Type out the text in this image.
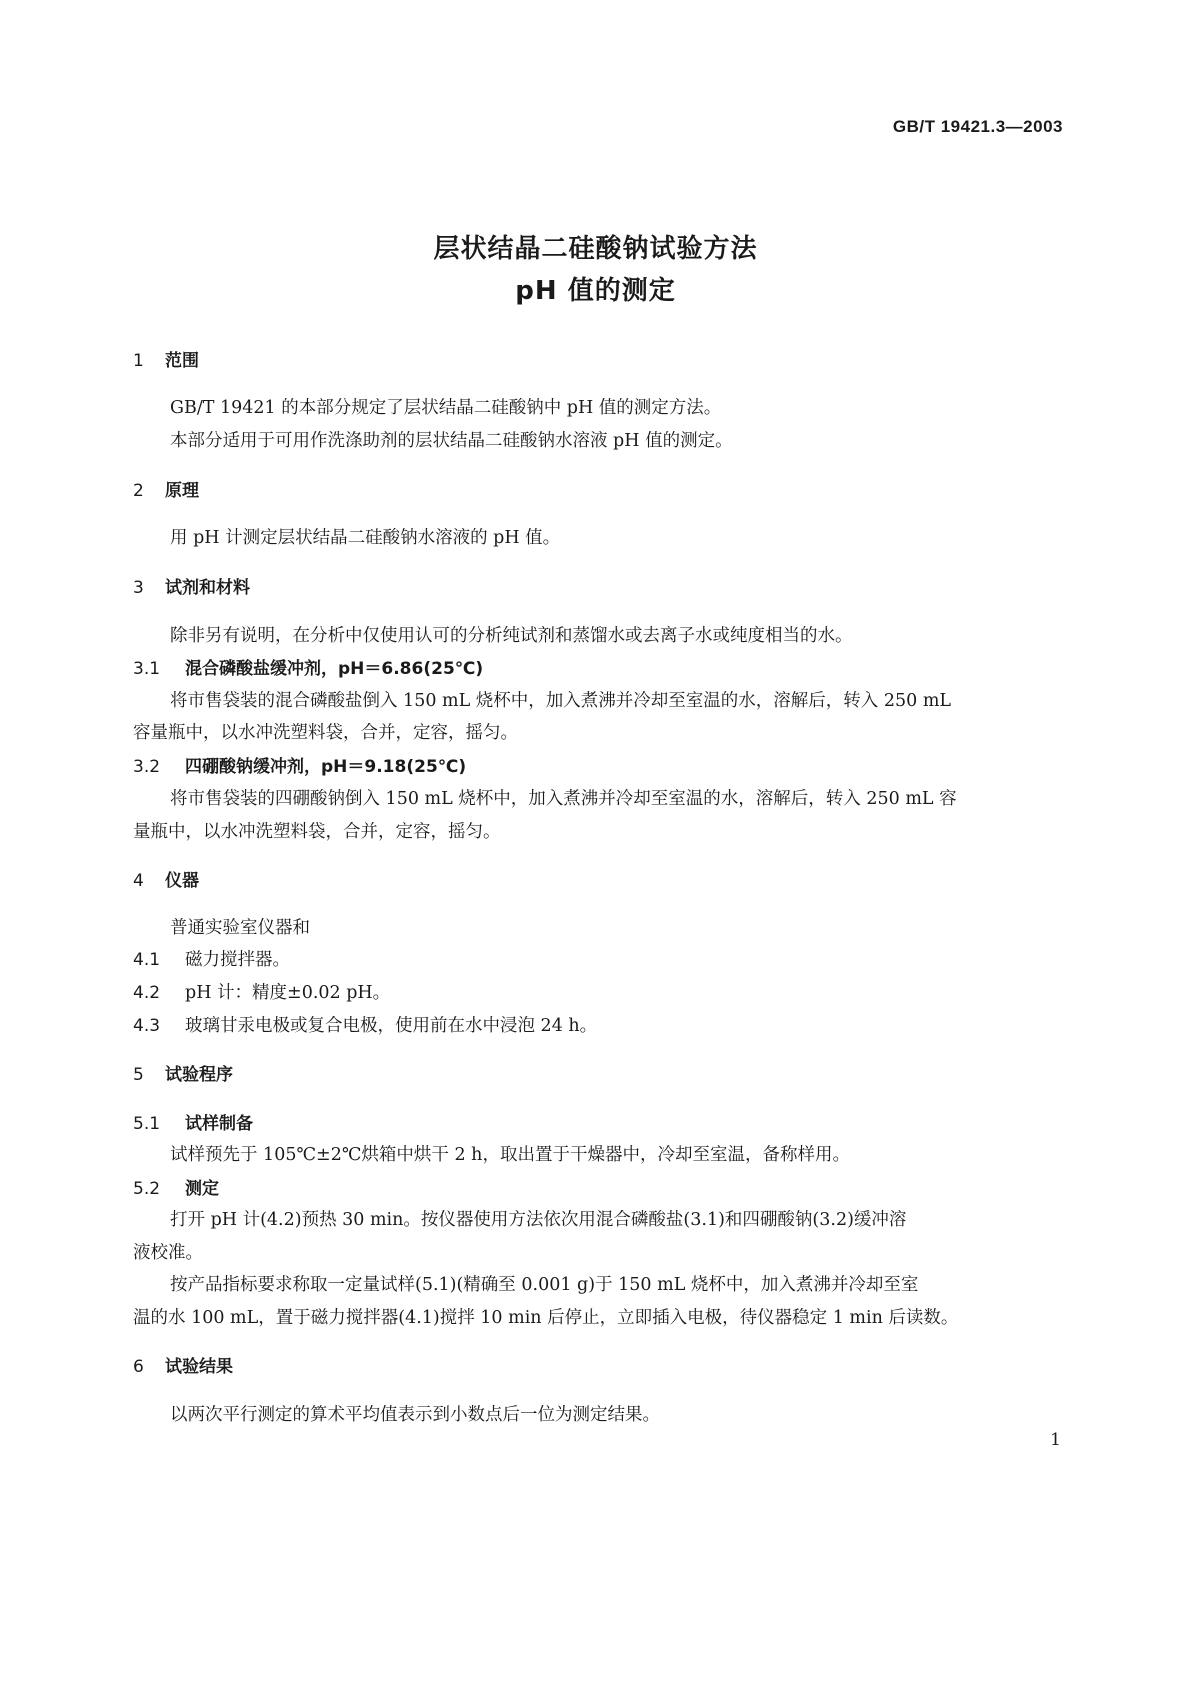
GB/T 19421.3—2003
层状结晶二硅酸钠试验方法
pH 值的测定
1 范围
GB/T 19421 的本部分规定了层状结晶二硅酸钠中 pH 值的测定方法。
本部分适用于可用作洗涤助剂的层状结晶二硅酸钠水溶液 pH 值的测定。
2 原理
用 pH 计测定层状结晶二硅酸钠水溶液的 pH 值。
3 试剂和材料
除非另有说明，在分析中仅使用认可的分析纯试剂和蒸馏水或去离子水或纯度相当的水。
3.1 混合磷酸盐缓冲剂，pH＝6.86(25℃)
将市售袋装的混合磷酸盐倒入 150 mL 烧杯中，加入煮沸并冷却至室温的水，溶解后，转入 250 mL
容量瓶中，以水冲洗塑料袋，合并，定容，摇匀。
3.2 四硼酸钠缓冲剂，pH＝9.18(25℃)
将市售袋装的四硼酸钠倒入 150 mL 烧杯中，加入煮沸并冷却至室温的水，溶解后，转入 250 mL 容
量瓶中，以水冲洗塑料袋，合并，定容，摇匀。
4 仪器
普通实验室仪器和
4.1 磁力搅拌器。
4.2 pH 计：精度±0.02 pH。
4.3 玻璃甘汞电极或复合电极，使用前在水中浸泡 24 h。
5 试验程序
5.1 试样制备
试样预先于 105℃±2℃烘箱中烘干 2 h，取出置于干燥器中，冷却至室温，备称样用。
5.2 测定
打开 pH 计(4.2)预热 30 min。按仪器使用方法依次用混合磷酸盐(3.1)和四硼酸钠(3.2)缓冲溶
液校准。
按产品指标要求称取一定量试样(5.1)(精确至 0.001 g)于 150 mL 烧杯中，加入煮沸并冷却至室
温的水 100 mL，置于磁力搅拌器(4.1)搅拌 10 min 后停止，立即插入电极，待仪器稳定 1 min 后读数。
6 试验结果
以两次平行测定的算术平均值表示到小数点后一位为测定结果。
1
